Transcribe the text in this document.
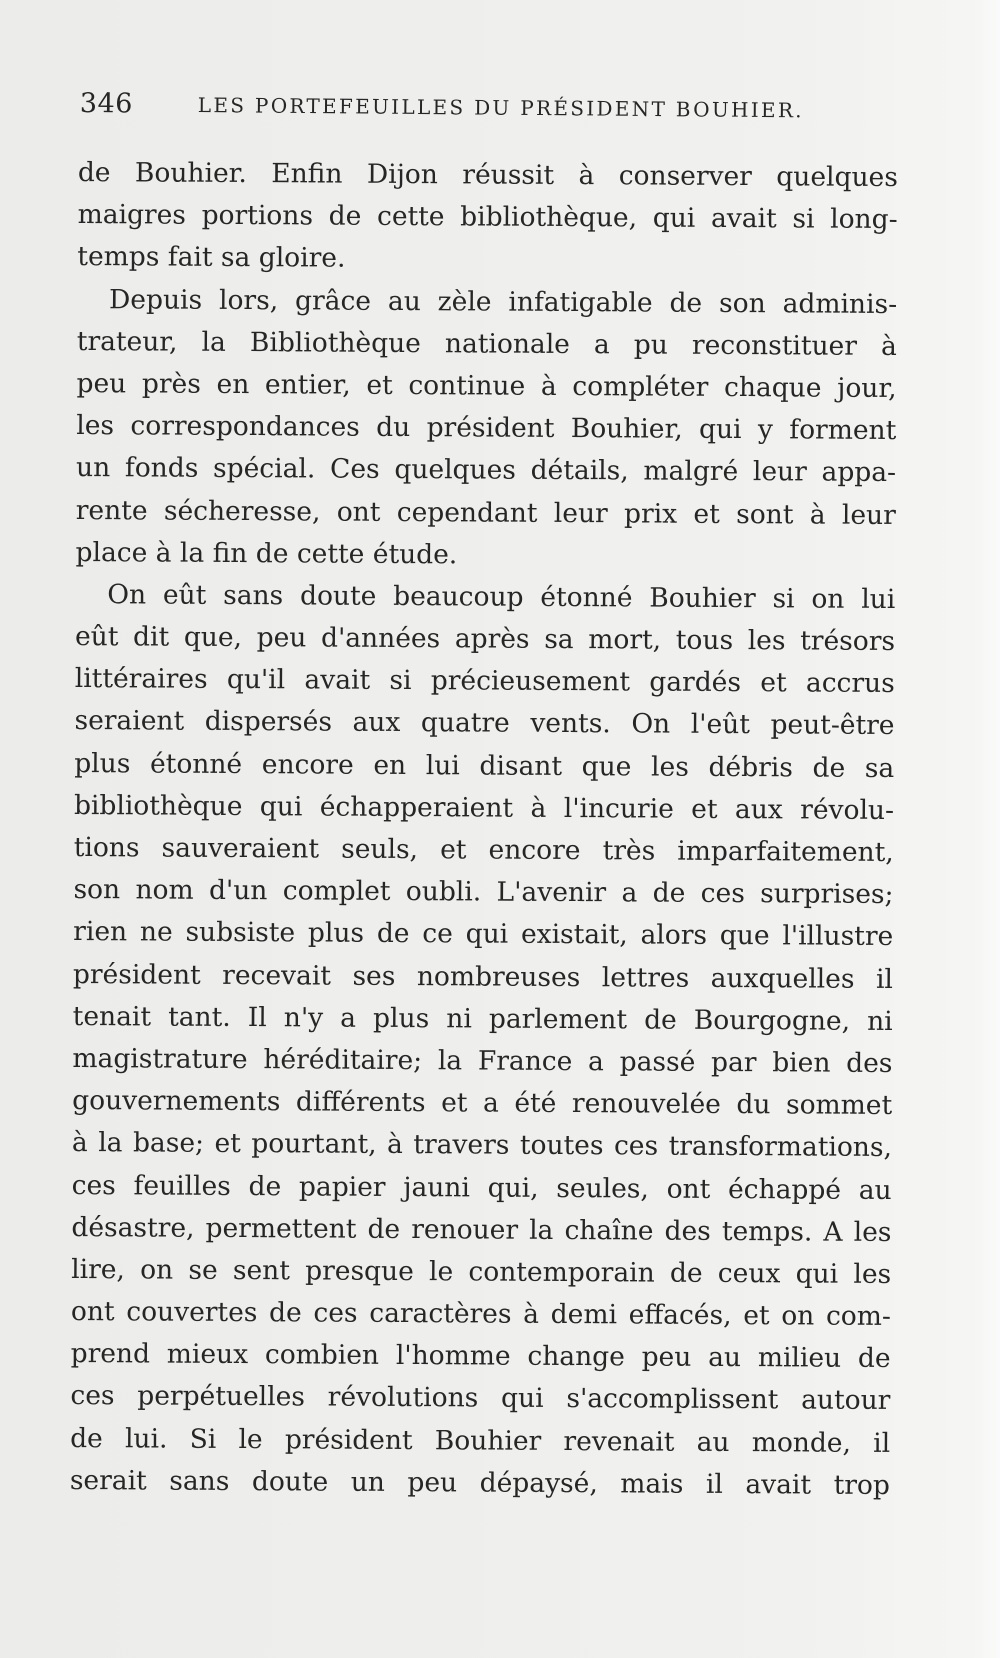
346	LES PORTEFEUILLES DU PRÉSIDENT BOUHIER.
de Bouhier. Enfin Dijon réussit à conserver quelques
maigres portions de cette bibliothèque, qui avait si long-
temps fait sa gloire.
Depuis lors, grâce au zèle infatigable de son adminis-
trateur, la Bibliothèque nationale a pu reconstituer à
peu près en entier, et continue à compléter chaque jour,
les correspondances du président Bouhier, qui y forment
un fonds spécial. Ces quelques détails, malgré leur appa-
rente sécheresse, ont cependant leur prix et sont à leur
place à la fin de cette étude.
On eût sans doute beaucoup étonné Bouhier si on lui
eût dit que, peu d'années après sa mort, tous les trésors
littéraires qu'il avait si précieusement gardés et accrus
seraient dispersés aux quatre vents. On l'eût peut-être
plus étonné encore en lui disant que les débris de sa
bibliothèque qui échapperaient à l'incurie et aux révolu-
tions sauveraient seuls, et encore très imparfaitement,
son nom d'un complet oubli. L'avenir a de ces surprises;
rien ne subsiste plus de ce qui existait, alors que l'illustre
président recevait ses nombreuses lettres auxquelles il
tenait tant. Il n'y a plus ni parlement de Bourgogne, ni
magistrature héréditaire; la France a passé par bien des
gouvernements différents et a été renouvelée du sommet
à la base; et pourtant, à travers toutes ces transformations,
ces feuilles de papier jauni qui, seules, ont échappé au
désastre, permettent de renouer la chaîne des temps. A les
lire, on se sent presque le contemporain de ceux qui les
ont couvertes de ces caractères à demi effacés, et on com-
prend mieux combien l'homme change peu au milieu de
ces perpétuelles révolutions qui s'accomplissent autour
de lui. Si le président Bouhier revenait au monde, il
serait sans doute un peu dépaysé, mais il avait trop
